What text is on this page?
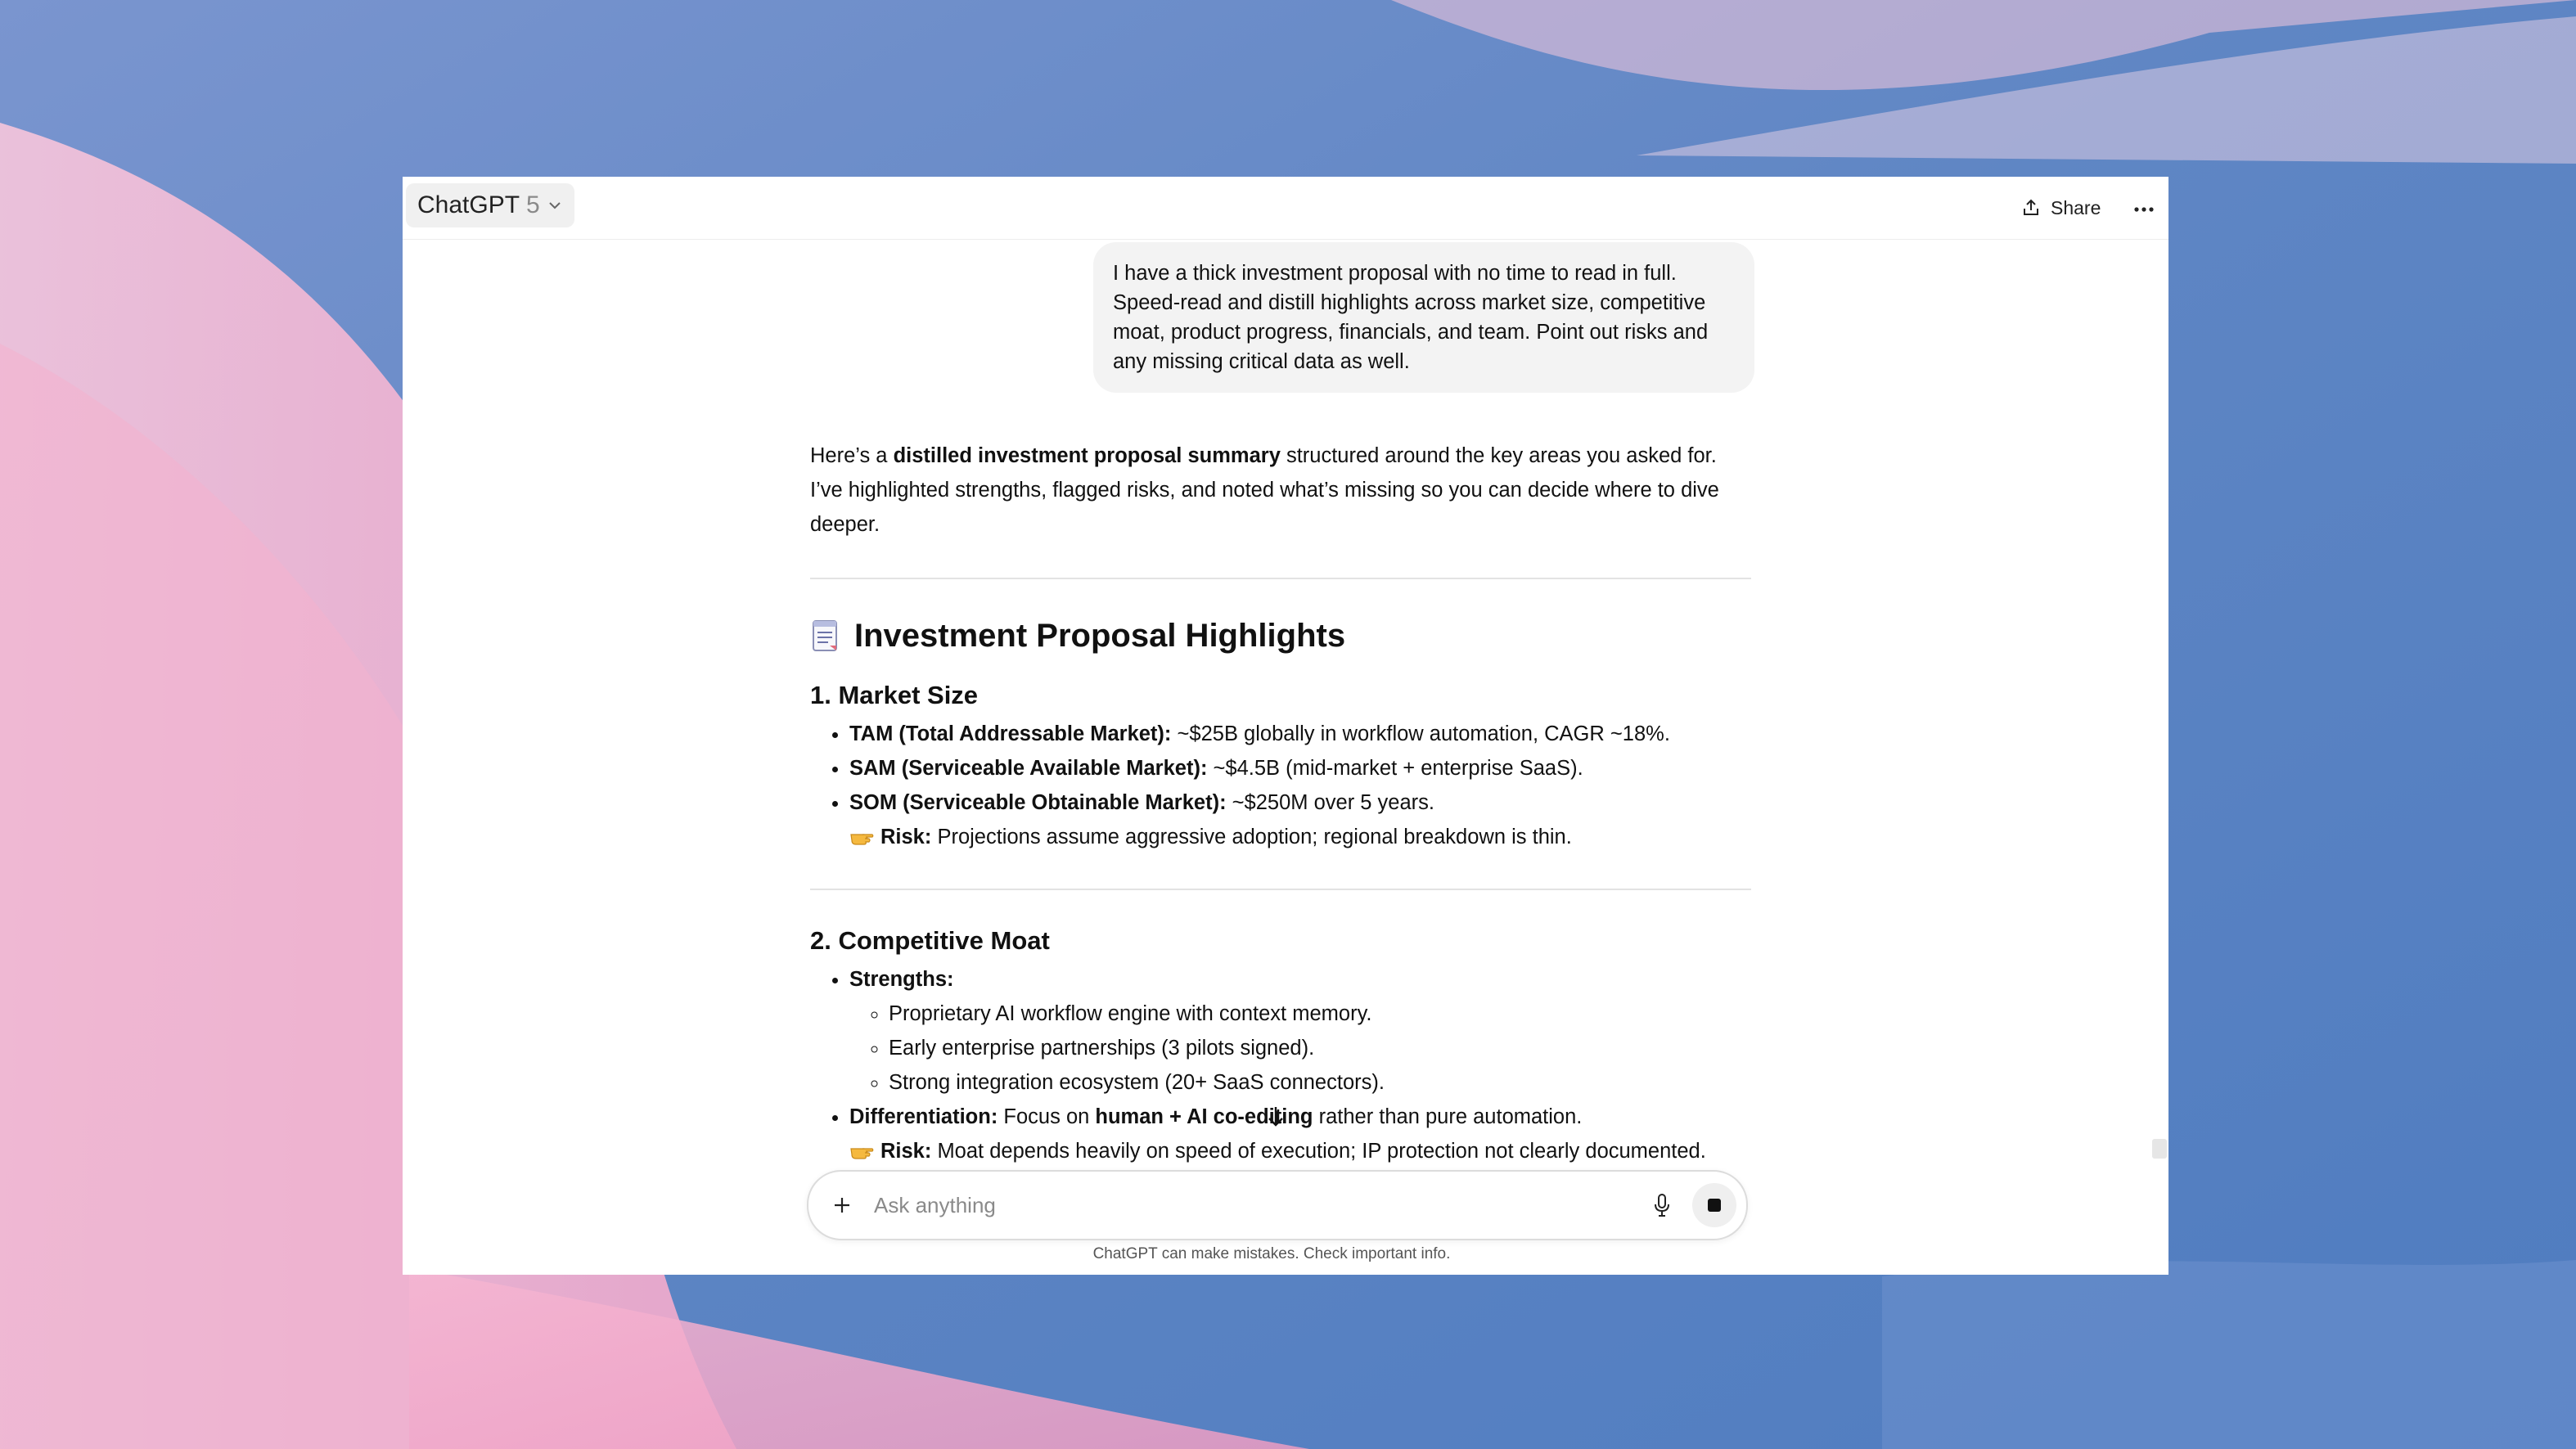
ChatGPT 5	Share
I have a thick investment proposal with no time to read in full. Speed-read and distill highlights across market size, competitive moat, product progress, financials, and team. Point out risks and any missing critical data as well.

Here’s a distilled investment proposal summary structured around the key areas you asked for. I’ve highlighted strengths, flagged risks, and noted what’s missing so you can decide where to dive deeper.

Investment Proposal Highlights
1. Market Size
• TAM (Total Addressable Market): ~$25B globally in workflow automation, CAGR ~18%.
• SAM (Serviceable Available Market): ~$4.5B (mid-market + enterprise SaaS).
• SOM (Serviceable Obtainable Market): ~$250M over 5 years.
Risk: Projections assume aggressive adoption; regional breakdown is thin.
2. Competitive Moat
• Strengths:
◦ Proprietary AI workflow engine with context memory.
◦ Early enterprise partnerships (3 pilots signed).
◦ Strong integration ecosystem (20+ SaaS connectors).
• Differentiation: Focus on human + AI co-editing rather than pure automation.
Risk: Moat depends heavily on speed of execution; IP protection not clearly documented.
Ask anything
ChatGPT can make mistakes. Check important info.
